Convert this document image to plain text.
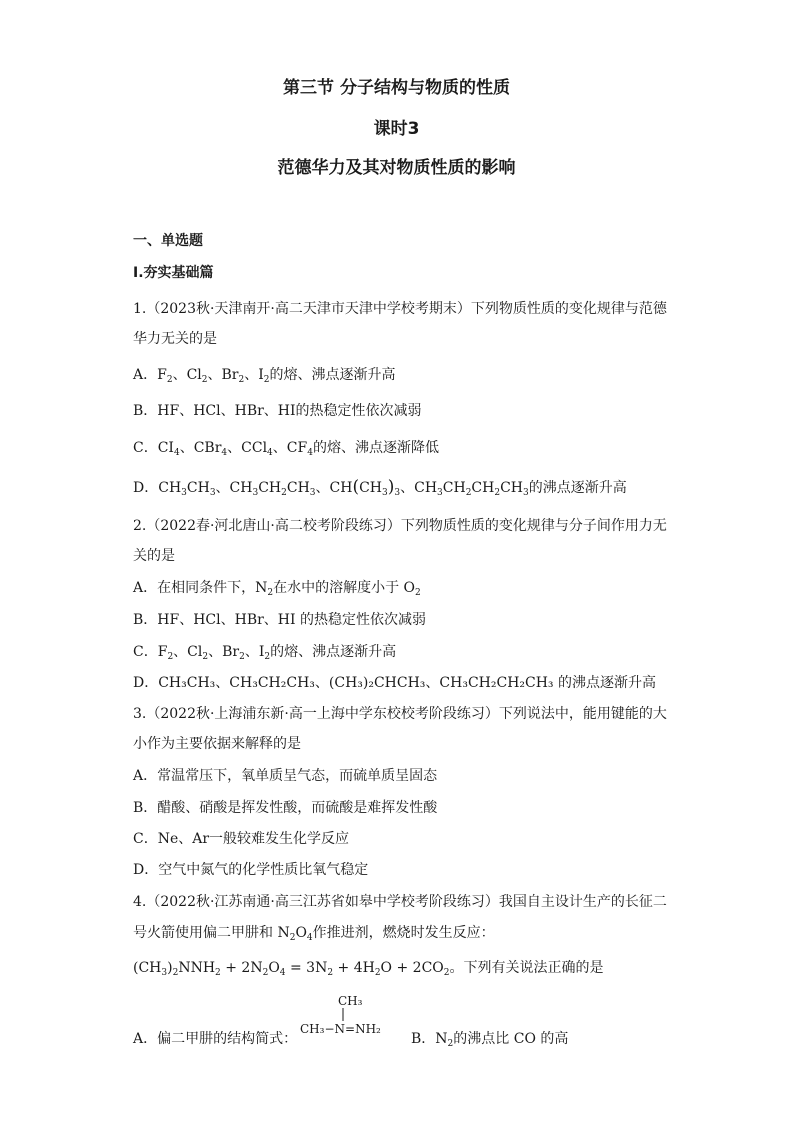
第三节 分子结构与物质的性质
课时3
范德华力及其对物质性质的影响
一、单选题
Ⅰ.夯实基础篇
1.（2023秋·天津南开·高二天津市天津中学校考期末）下列物质性质的变化规律与范德
华力无关的是
A．$F_2$、$Cl_2$、$Br_2$、$I_2$的熔、沸点逐渐升高
B．HF、HCl、HBr、HI的热稳定性依次减弱
C．$CI_4$、CBr$_4$、CCl$_4$、$CF_4$的熔、沸点逐渐降低
D．$CH_3CH_3$、$CH_3CH_2CH_3$、$CH(CH_3)_3$、$CH_3CH_2CH_2CH_3$的沸点逐渐升高
2.（2022春·河北唐山·高二校考阶段练习）下列物质性质的变化规律与分子间作用力无
关的是
A．在相同条件下，$N_2$在水中的溶解度小于 $O_2$
B．HF、HCl、HBr、HI 的热稳定性依次减弱
C．$F_2$、$Cl_2$、$Br_2$、$I_2$的熔、沸点逐渐升高
D．CH₃CH₃、CH₃CH₂CH₃、(CH₃)₂CHCH₃、CH₃CH₂CH₂CH₃ 的沸点逐渐升高
3.（2022秋·上海浦东新·高一上海中学东校校考阶段练习）下列说法中，能用键能的大
小作为主要依据来解释的是
A．常温常压下，氧单质呈气态，而硫单质呈固态
B．醋酸、硝酸是挥发性酸，而硫酸是难挥发性酸
C．Ne、Ar一般较难发生化学反应
D．空气中氮气的化学性质比氧气稳定
4.（2022秋·江苏南通·高三江苏省如皋中学校考阶段练习）我国自主设计生产的长征二
号火箭使用偏二甲肼和 $N_2O_4$作推进剂，燃烧时发生反应：
$(CH_3)_2NNH_2 + 2N_2O_4 = 3N_2 + 4H_2O + 2CO_2$。下列有关说法正确的是
CH₃
CH₃−N=NH₂
A．偏二甲肼的结构简式：	B．$N_2$的沸点比 CO 的高
